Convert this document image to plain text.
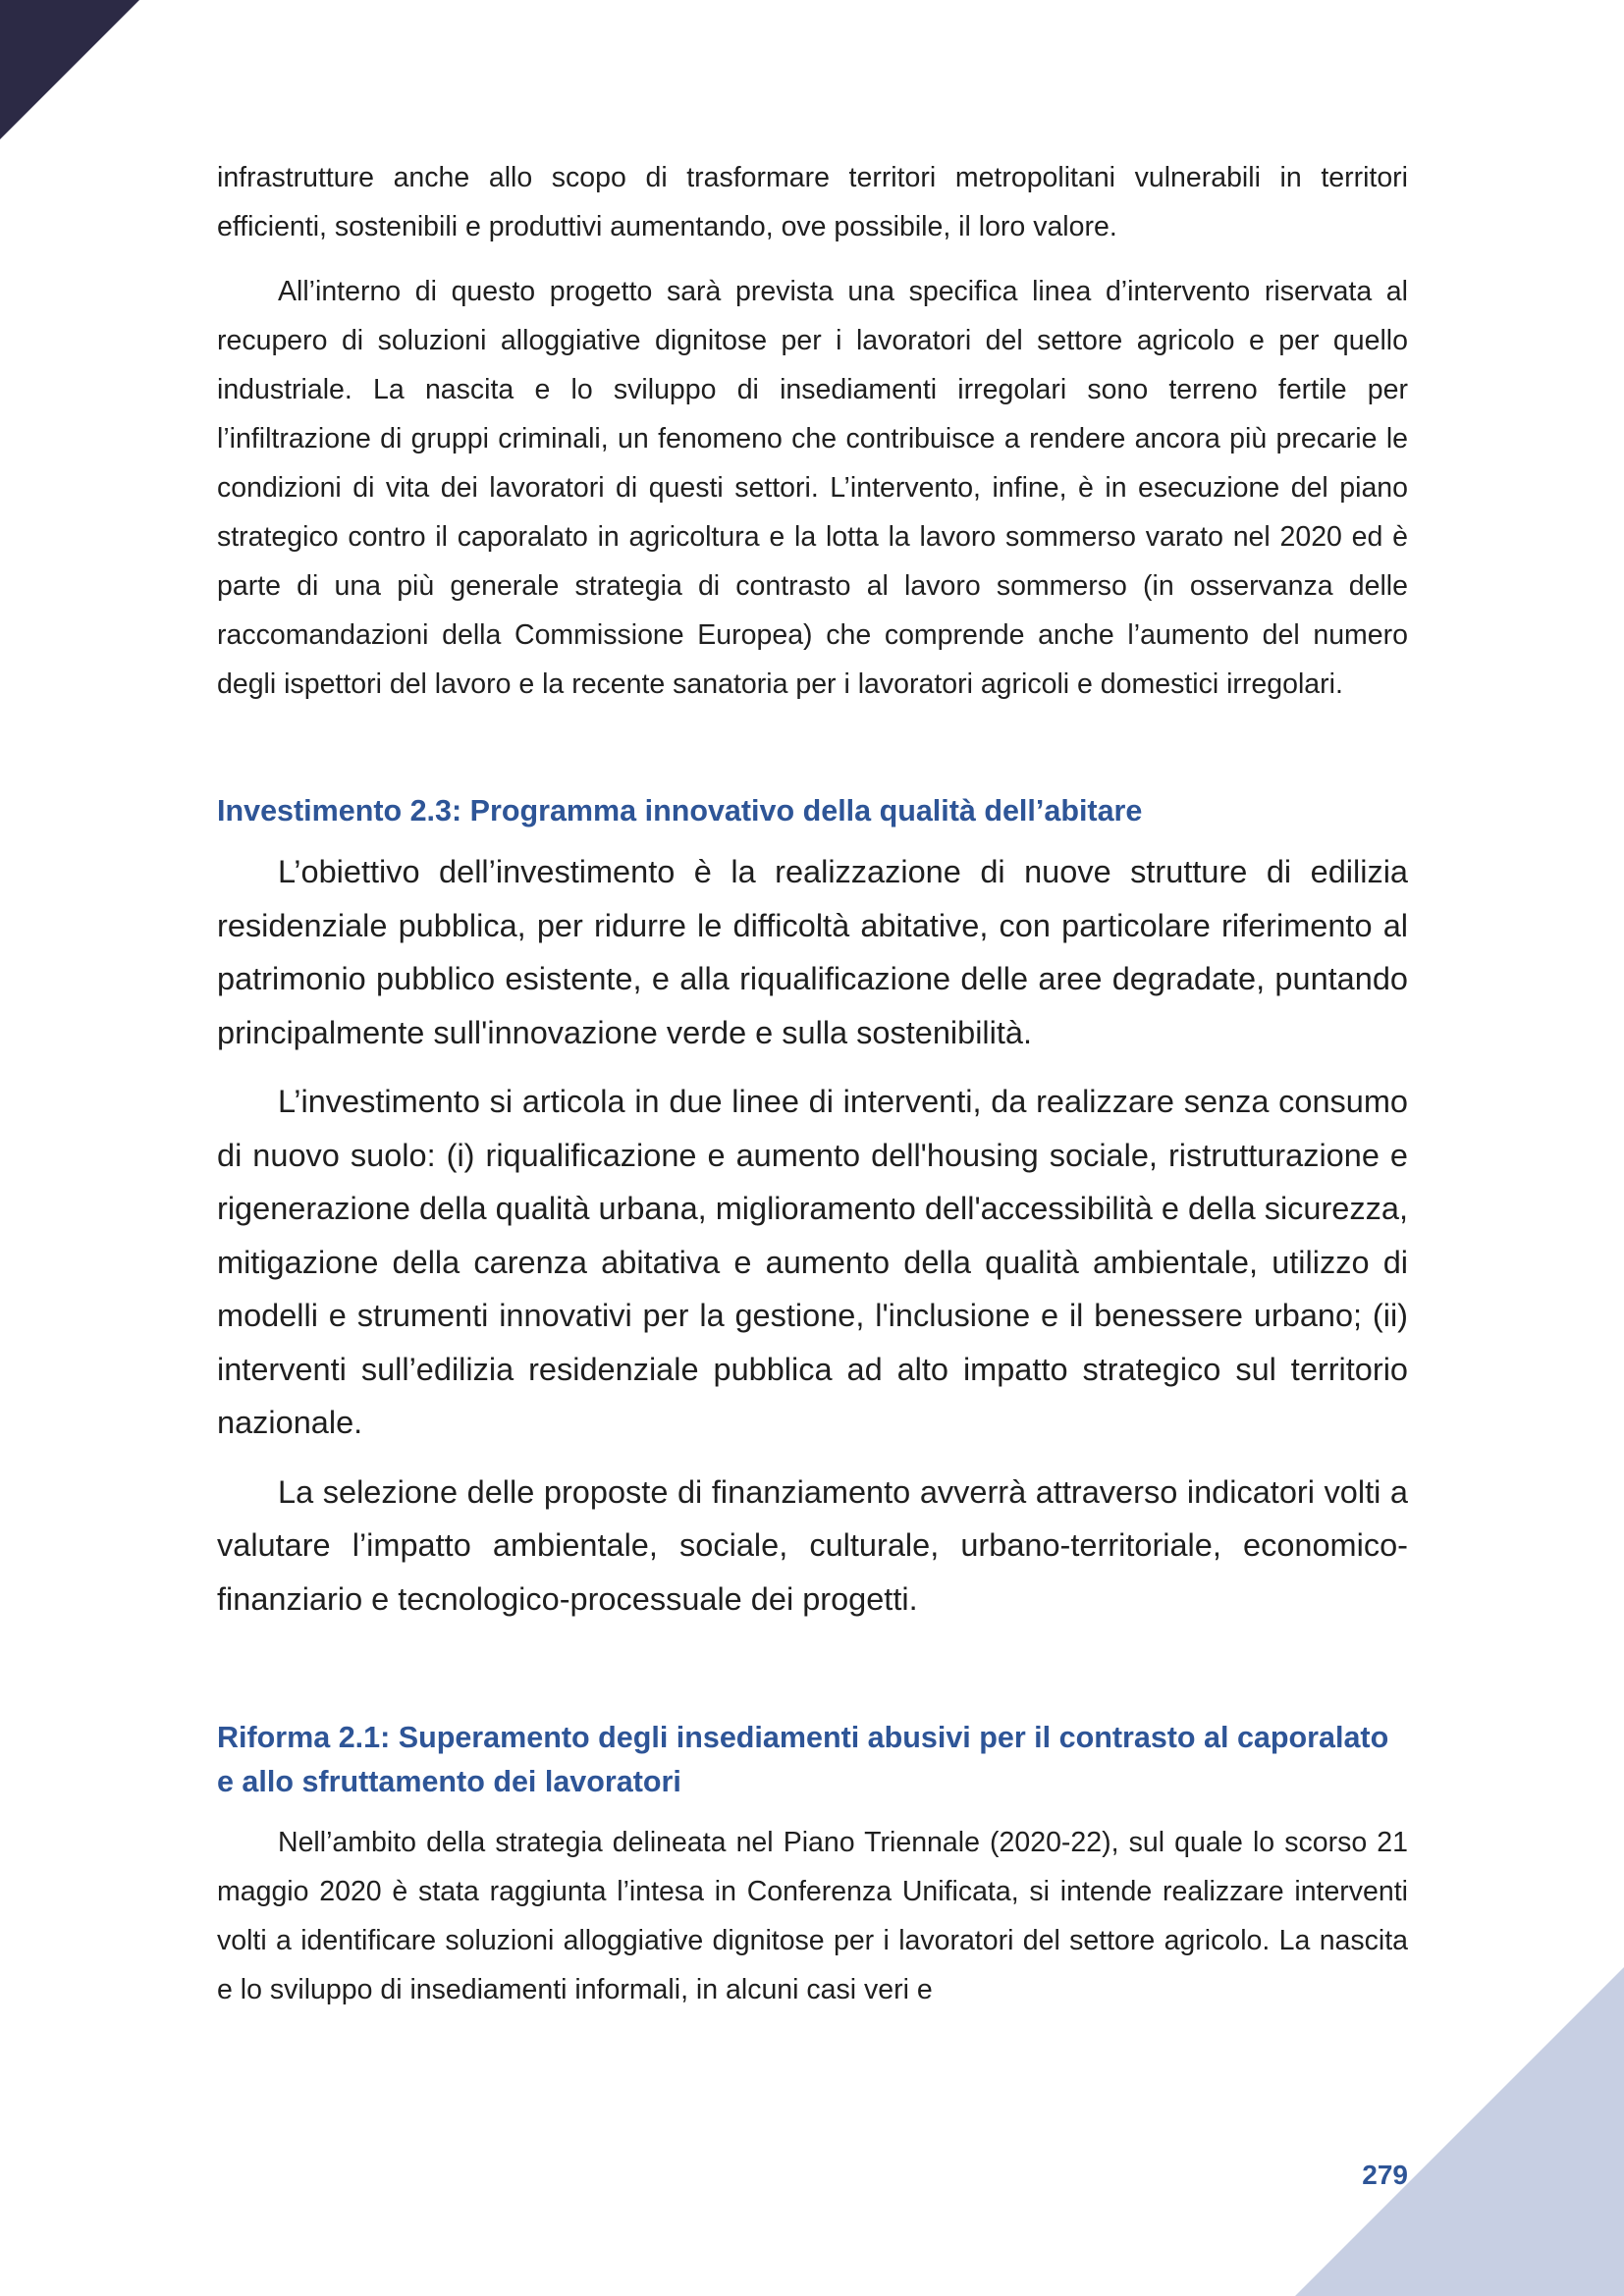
infrastrutture anche allo scopo di trasformare territori metropolitani vulnerabili in territori efficienti, sostenibili e produttivi aumentando, ove possibile, il loro valore.

All’interno di questo progetto sarà prevista una specifica linea d’intervento riservata al recupero di soluzioni alloggiative dignitose per i lavoratori del settore agricolo e per quello industriale. La nascita e lo sviluppo di insediamenti irregolari sono terreno fertile per l’infiltrazione di gruppi criminali, un fenomeno che contribuisce a rendere ancora più precarie le condizioni di vita dei lavoratori di questi settori. L’intervento, infine, è in esecuzione del piano strategico contro il caporalato in agricoltura e la lotta la lavoro sommerso varato nel 2020 ed è parte di una più generale strategia di contrasto al lavoro sommerso (in osservanza delle raccomandazioni della Commissione Europea) che comprende anche l’aumento del numero degli ispettori del lavoro e la recente sanatoria per i lavoratori agricoli e domestici irregolari.

Investimento 2.3: Programma innovativo della qualità dell’abitare

L’obiettivo dell’investimento è la realizzazione di nuove strutture di edilizia residenziale pubblica, per ridurre le difficoltà abitative, con particolare riferimento al patrimonio pubblico esistente, e alla riqualificazione delle aree degradate, puntando principalmente sull'innovazione verde e sulla sostenibilità.

L’investimento si articola in due linee di interventi, da realizzare senza consumo di nuovo suolo: (i) riqualificazione e aumento dell'housing sociale, ristrutturazione e rigenerazione della qualità urbana, miglioramento dell'accessibilità e della sicurezza, mitigazione della carenza abitativa e aumento della qualità ambientale, utilizzo di modelli e strumenti innovativi per la gestione, l'inclusione e il benessere urbano; (ii) interventi sull’edilizia residenziale pubblica ad alto impatto strategico sul territorio nazionale.

La selezione delle proposte di finanziamento avverrà attraverso indicatori volti a valutare l’impatto ambientale, sociale, culturale, urbano-territoriale, economico-finanziario e tecnologico-processuale dei progetti.

Riforma 2.1: Superamento degli insediamenti abusivi per il contrasto al caporalato e allo sfruttamento dei lavoratori

Nell’ambito della strategia delineata nel Piano Triennale (2020-22), sul quale lo scorso 21 maggio 2020 è stata raggiunta l’intesa in Conferenza Unificata, si intende realizzare interventi volti a identificare soluzioni alloggiative dignitose per i lavoratori del settore agricolo. La nascita e lo sviluppo di insediamenti informali, in alcuni casi veri e

279
